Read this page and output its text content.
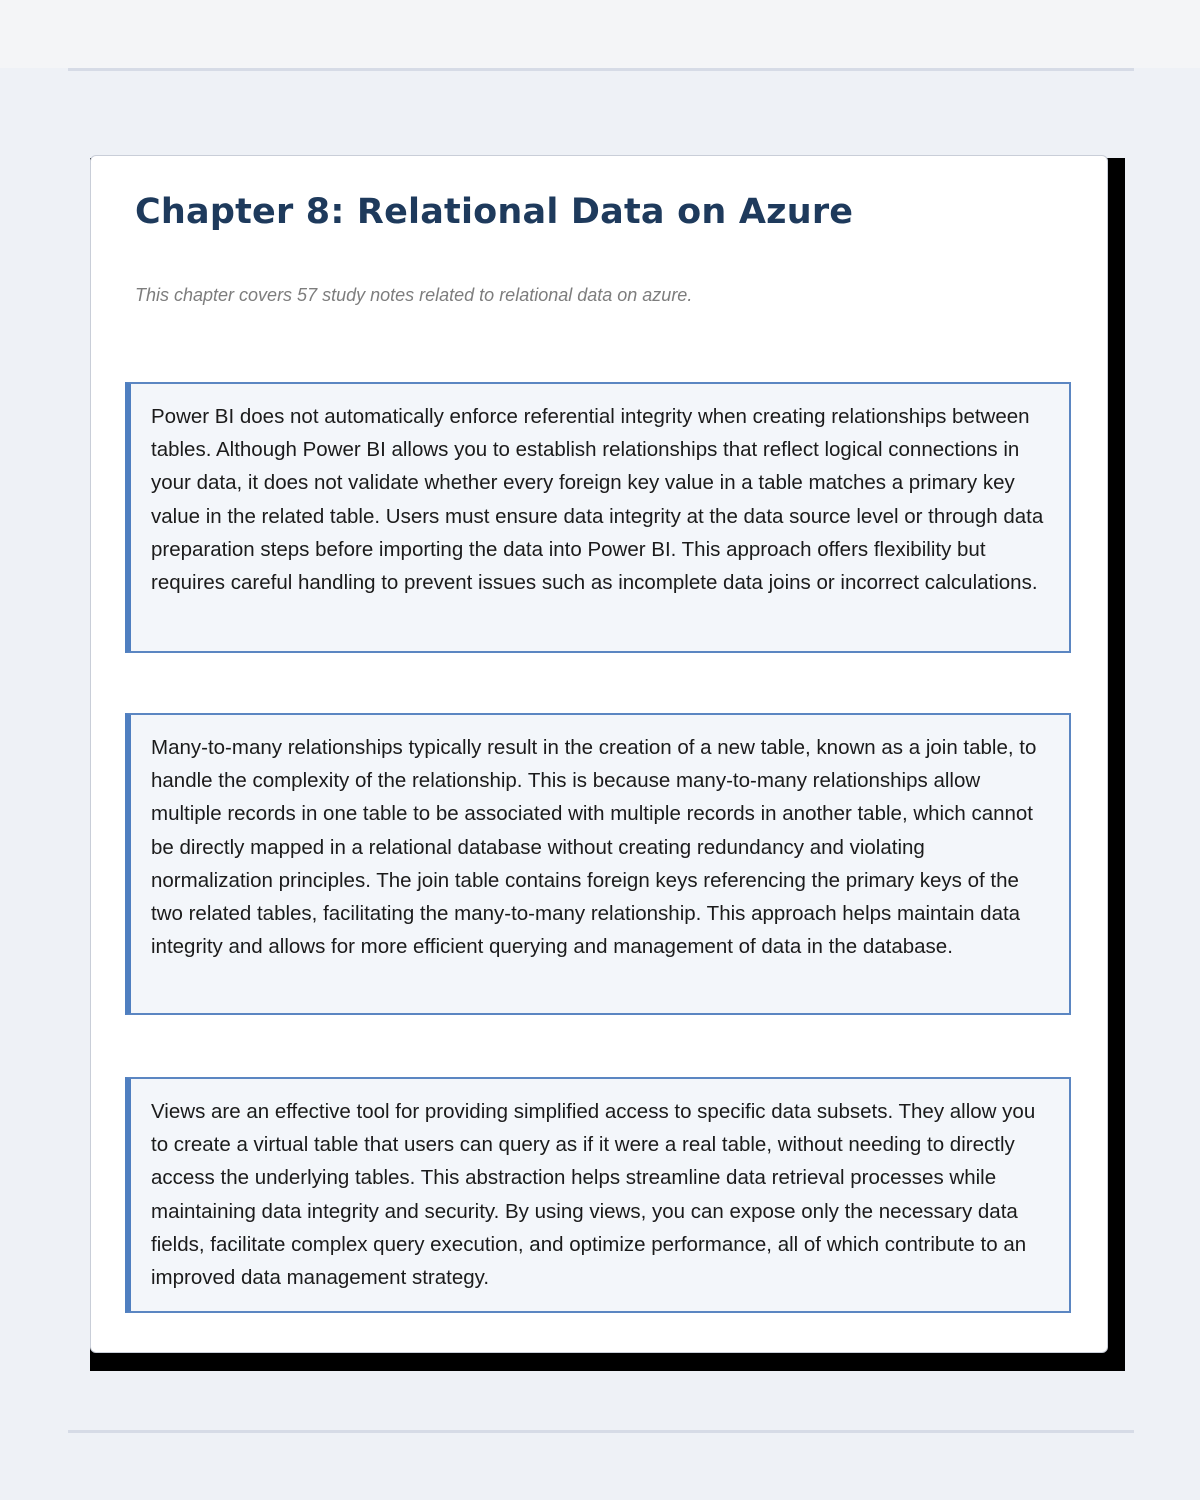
Chapter 8: Relational Data on Azure

This chapter covers 57 study notes related to relational data on azure.

Power BI does not automatically enforce referential integrity when creating relationships between tables. Although Power BI allows you to establish relationships that reflect logical connections in your data, it does not validate whether every foreign key value in a table matches a primary key value in the related table. Users must ensure data integrity at the data source level or through data preparation steps before importing the data into Power BI. This approach offers flexibility but requires careful handling to prevent issues such as incomplete data joins or incorrect calculations.

Many-to-many relationships typically result in the creation of a new table, known as a join table, to handle the complexity of the relationship. This is because many-to-many relationships allow multiple records in one table to be associated with multiple records in another table, which cannot be directly mapped in a relational database without creating redundancy and violating normalization principles. The join table contains foreign keys referencing the primary keys of the two related tables, facilitating the many-to-many relationship. This approach helps maintain data integrity and allows for more efficient querying and management of data in the database.

Views are an effective tool for providing simplified access to specific data subsets. They allow you to create a virtual table that users can query as if it were a real table, without needing to directly access the underlying tables. This abstraction helps streamline data retrieval processes while maintaining data integrity and security. By using views, you can expose only the necessary data fields, facilitate complex query execution, and optimize performance, all of which contribute to an improved data management strategy.
